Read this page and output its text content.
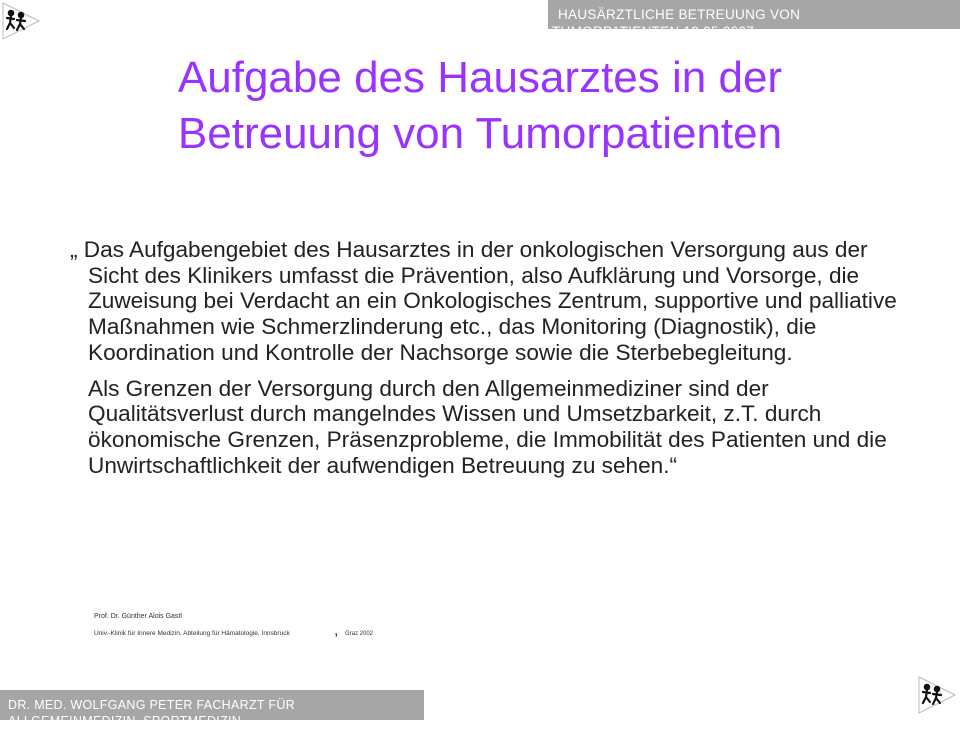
HAUSÄRZTLICHE BETREUUNG VON
TUMORPATIENTEN 12.05.2007
Aufgabe des Hausarztes in der
Betreuung von Tumorpatienten

„ Das Aufgabengebiet des Hausarztes in der onkologischen Versorgung aus der Sicht des Klinikers umfasst die Prävention, also Aufklärung und Vorsorge, die Zuweisung bei Verdacht an ein Onkologisches Zentrum, supportive und palliative Maßnahmen wie Schmerzlinderung etc., das Monitoring (Diagnostik), die Koordination und Kontrolle der Nachsorge sowie die Sterbebegleitung.

Als Grenzen der Versorgung durch den Allgemeinmediziner sind der Qualitätsverlust durch mangelndes Wissen und Umsetzbarkeit, z.T. durch ökonomische Grenzen, Präsenzprobleme, die Immobilität des Patienten und die Unwirtschaftlichkeit der aufwendigen Betreuung zu sehen.“

Prof. Dr. Günther Alois Gastl
Univ.-Klinik für Innere Medizin, Abteilung für Hämatologie, Innsbruck	, Graz 2002
DR. MED. WOLFGANG PETER FACHARZT FÜR
ALLGEMEINMEDIZIN, SPORTMEDIZIN
